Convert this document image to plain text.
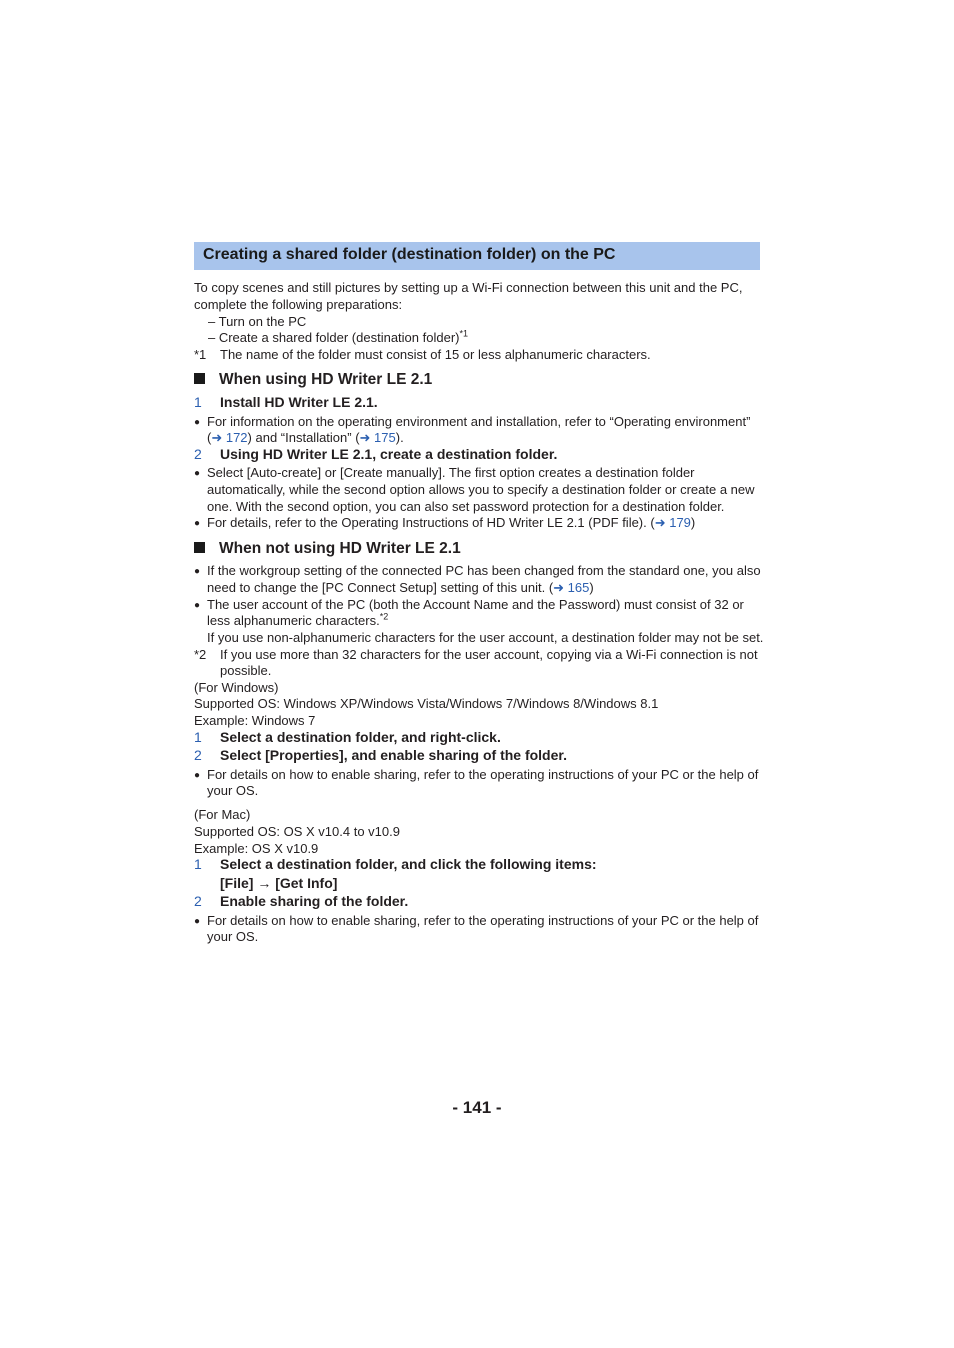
Creating a shared folder (destination folder) on the PC
To copy scenes and still pictures by setting up a Wi-Fi connection between this unit and the PC,
complete the following preparations:
– Turn on the PC
– Create a shared folder (destination folder)$^{*1}$
*1 The name of the folder must consist of 15 or less alphanumeric characters.
When using HD Writer LE 2.1
1 Install HD Writer LE 2.1.
● For information on the operating environment and installation, refer to “Operating environment”
(➜ 172) and “Installation” (➜ 175).
2 Using HD Writer LE 2.1, create a destination folder.
● Select [Auto-create] or [Create manually]. The first option creates a destination folder
automatically, while the second option allows you to specify a destination folder or create a new
one. With the second option, you can also set password protection for a destination folder.
● For details, refer to the Operating Instructions of HD Writer LE 2.1 (PDF file). (➜ 179)
When not using HD Writer LE 2.1
● If the workgroup setting of the connected PC has been changed from the standard one, you also
need to change the [PC Connect Setup] setting of this unit. (➜ 165)
● The user account of the PC (both the Account Name and the Password) must consist of 32 or
less alphanumeric characters.$^{*2}$
If you use non-alphanumeric characters for the user account, a destination folder may not be set.
*2 If you use more than 32 characters for the user account, copying via a Wi-Fi connection is not
possible.
(For Windows)
Supported OS: Windows XP/Windows Vista/Windows 7/Windows 8/Windows 8.1
Example: Windows 7
1 Select a destination folder, and right-click.
2 Select [Properties], and enable sharing of the folder.
● For details on how to enable sharing, refer to the operating instructions of your PC or the help of
your OS.
(For Mac)
Supported OS: OS X v10.4 to v10.9
Example: OS X v10.9
1 Select a destination folder, and click the following items:
[File] → [Get Info]
2 Enable sharing of the folder.
● For details on how to enable sharing, refer to the operating instructions of your PC or the help of
your OS.
- 141 -
